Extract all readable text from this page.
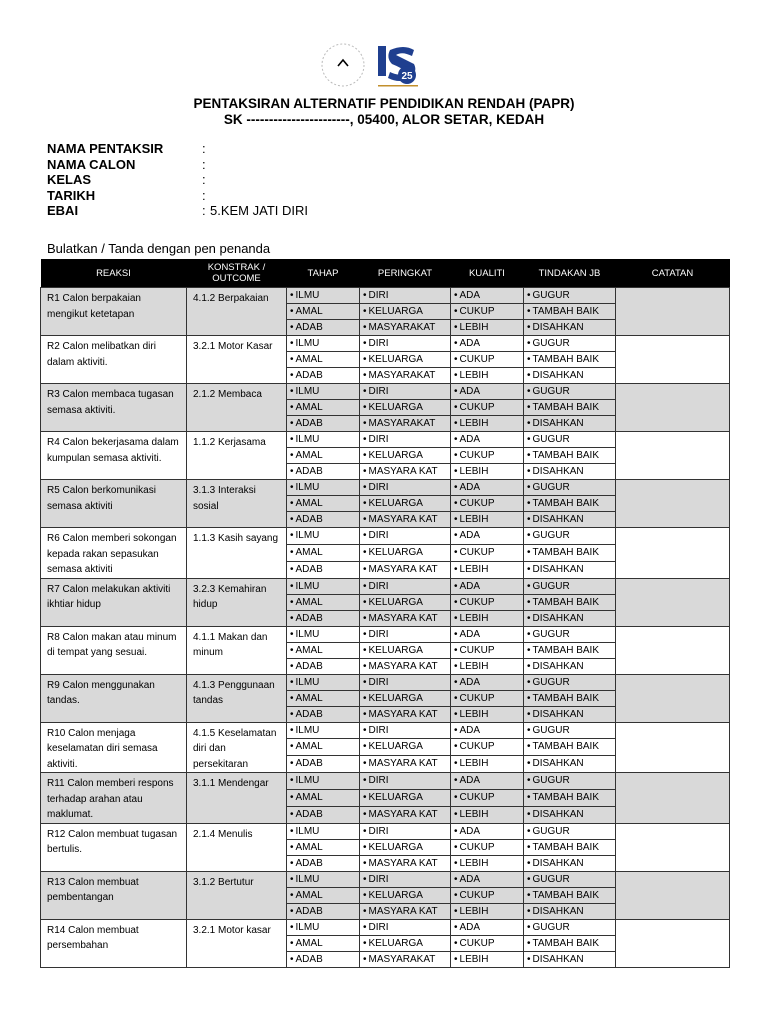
25
PENTAKSIRAN ALTERNATIF PENDIDIKAN RENDAH (PAPR)
SK -----------------------, 05400, ALOR SETAR, KEDAH
NAMA PENTAKSIR	:
NAMA CALON	:
KELAS	:
TARIKH	:
EBAI	: 5.KEM JATI DIRI
Bulatkan / Tanda dengan pen penanda
REAKSI	KONSTRAK / OUTCOME	TAHAP	PERINGKAT	KUALITI	TINDAKAN JB	CATATAN
R1 Calon berpakaian mengikut ketetapan	4.1.2 Berpakaian	• ILMU	• DIRI	• ADA	• GUGUR	
		• AMAL	• KELUARGA	• CUKUP	• TAMBAH BAIK
		• ADAB	• MASYARAKAT	• LEBIH	• DISAHKAN
R2 Calon melibatkan diri dalam aktiviti.	3.2.1 Motor Kasar	• ILMU	• DIRI	• ADA	• GUGUR	
		• AMAL	• KELUARGA	• CUKUP	• TAMBAH BAIK
		• ADAB	• MASYARAKAT	• LEBIH	• DISAHKAN
R3 Calon membaca tugasan semasa aktiviti.	2.1.2 Membaca	• ILMU	• DIRI	• ADA	• GUGUR	
		• AMAL	• KELUARGA	• CUKUP	• TAMBAH BAIK
		• ADAB	• MASYARAKAT	• LEBIH	• DISAHKAN
R4 Calon bekerjasama dalam kumpulan semasa aktiviti.	1.1.2 Kerjasama	• ILMU	• DIRI	• ADA	• GUGUR	
		• AMAL	• KELUARGA	• CUKUP	• TAMBAH BAIK
		• ADAB	• MASYARA KAT	• LEBIH	• DISAHKAN
R5 Calon berkomunikasi semasa aktiviti	3.1.3 Interaksi sosial	• ILMU	• DIRI	• ADA	• GUGUR	
		• AMAL	• KELUARGA	• CUKUP	• TAMBAH BAIK
		• ADAB	• MASYARA KAT	• LEBIH	• DISAHKAN
R6 Calon memberi sokongan kepada rakan sepasukan semasa aktiviti	1.1.3 Kasih sayang	• ILMU	• DIRI	• ADA	• GUGUR	
		• AMAL	• KELUARGA	• CUKUP	• TAMBAH BAIK
		• ADAB	• MASYARA KAT	• LEBIH	• DISAHKAN
R7 Calon melakukan aktiviti ikhtiar hidup	3.2.3 Kemahiran hidup	• ILMU	• DIRI	• ADA	• GUGUR	
		• AMAL	• KELUARGA	• CUKUP	• TAMBAH BAIK
		• ADAB	• MASYARA KAT	• LEBIH	• DISAHKAN
R8 Calon makan atau minum di tempat yang sesuai.	4.1.1 Makan dan minum	• ILMU	• DIRI	• ADA	• GUGUR	
		• AMAL	• KELUARGA	• CUKUP	• TAMBAH BAIK
		• ADAB	• MASYARA KAT	• LEBIH	• DISAHKAN
R9 Calon menggunakan tandas.	4.1.3 Penggunaan tandas	• ILMU	• DIRI	• ADA	• GUGUR	
		• AMAL	• KELUARGA	• CUKUP	• TAMBAH BAIK
		• ADAB	• MASYARA KAT	• LEBIH	• DISAHKAN
R10 Calon menjaga keselamatan diri semasa aktiviti.	4.1.5 Keselamatan diri dan persekitaran	• ILMU	• DIRI	• ADA	• GUGUR	
		• AMAL	• KELUARGA	• CUKUP	• TAMBAH BAIK
		• ADAB	• MASYARA KAT	• LEBIH	• DISAHKAN
R11 Calon memberi respons terhadap arahan atau maklumat.	3.1.1 Mendengar	• ILMU	• DIRI	• ADA	• GUGUR	
		• AMAL	• KELUARGA	• CUKUP	• TAMBAH BAIK
		• ADAB	• MASYARA KAT	• LEBIH	• DISAHKAN
R12 Calon membuat tugasan bertulis.	2.1.4 Menulis	• ILMU	• DIRI	• ADA	• GUGUR	
		• AMAL	• KELUARGA	• CUKUP	• TAMBAH BAIK
		• ADAB	• MASYARA KAT	• LEBIH	• DISAHKAN
R13 Calon membuat pembentangan	3.1.2 Bertutur	• ILMU	• DIRI	• ADA	• GUGUR	
		• AMAL	• KELUARGA	• CUKUP	• TAMBAH BAIK
		• ADAB	• MASYARA KAT	• LEBIH	• DISAHKAN
R14 Calon membuat persembahan	3.2.1 Motor kasar	• ILMU	• DIRI	• ADA	• GUGUR	
		• AMAL	• KELUARGA	• CUKUP	• TAMBAH BAIK
		• ADAB	• MASYARAKAT	• LEBIH	• DISAHKAN
